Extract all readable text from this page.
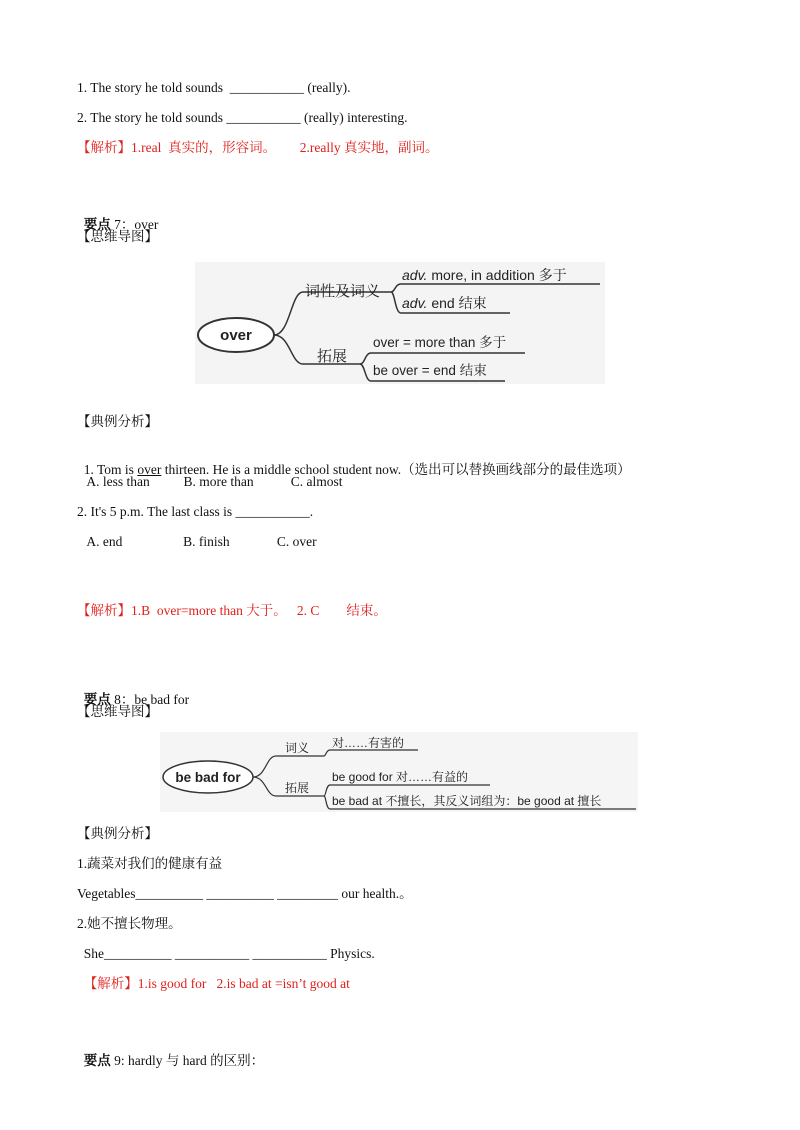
1. The story he told sounds  ___________ (really).
2. The story he told sounds ___________ (really) interesting.
【解析】1.real  真实的，形容词。       2.really 真实地，副词。

要点 7：over

【思维导图】
over
词性及词义
拓展
adv. more, in addition 多于
adv. end 结束
over = more than 多于
be over = end 结束
【典例分析】

1. Tom is over thirteen. He is a middle school student now.（选出可以替换画线部分的最佳选项）

A. less than          B. more than           C. almost
2. It's 5 p.m. The last class is ___________.
A. end                  B. finish              C. over
【解析】1.B  over=more than 大于。   2. C        结束。

要点 8：be bad for

【思维导图】
be bad for
词义
拓展
对……有害的
be good for 对……有益的
be bad at 不擅长，其反义词组为：be good at 擅长
【典例分析】
1.蔬菜对我们的健康有益
Vegetables__________ __________ _________ our health.。
2.她不擅长物理。
She__________ ___________ ___________ Physics.
【解析】1.is good for   2.is bad at =isn’t good at

要点 9: hardly 与 hard 的区别：
